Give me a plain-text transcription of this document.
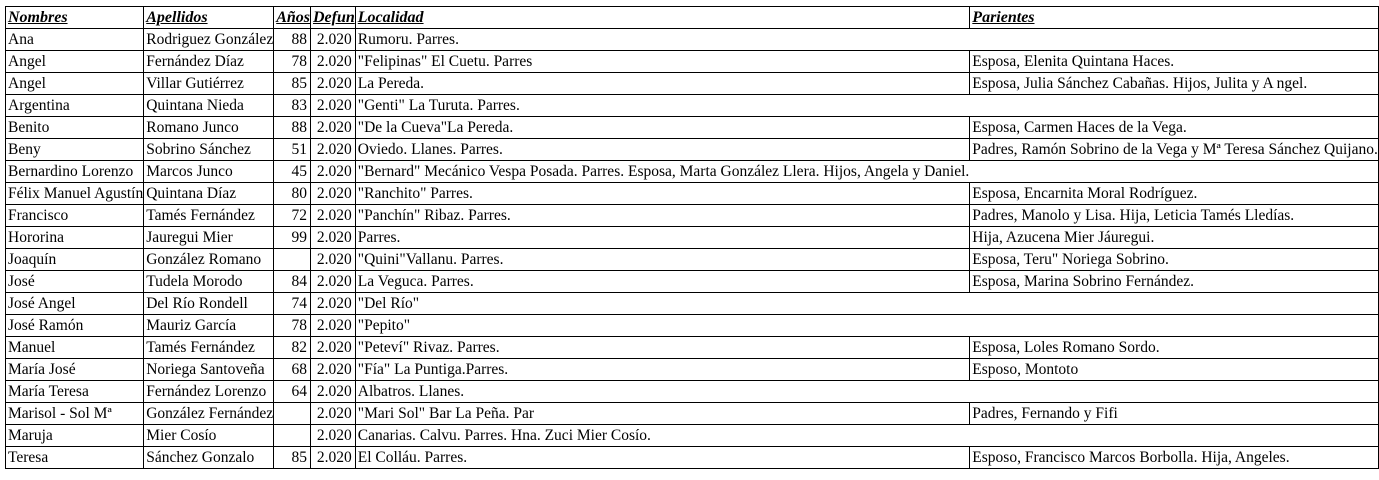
Nombres	Apellidos	Años	Defun	Localidad	Parientes
Ana	Rodriguez González	88	2.020	Rumoru. Parres.	
Angel	Fernández Díaz	78	2.020	"Felipinas" El Cuetu. Parres	Esposa, Elenita Quintana Haces.
Angel	Villar Gutiérrez	85	2.020	La Pereda.	Esposa, Julia Sánchez Cabañas. Hijos, Julita y A ngel.
Argentina	Quintana Nieda	83	2.020	"Genti" La Turuta. Parres.	
Benito	Romano Junco	88	2.020	"De la Cueva"La Pereda.	Esposa, Carmen Haces de la Vega.
Beny	Sobrino Sánchez	51	2.020	Oviedo. Llanes. Parres.	Padres, Ramón Sobrino de la Vega y Mª Teresa Sánchez Quijano.
Bernardino Lorenzo	Marcos Junco	45	2.020	"Bernard" Mecánico Vespa Posada. Parres. Esposa, Marta González Llera. Hijos, Angela y Daniel.	
Félix Manuel Agustín	Quintana Díaz	80	2.020	"Ranchito" Parres.	Esposa, Encarnita Moral Rodríguez.
Francisco	Tamés Fernández	72	2.020	"Panchín" Ribaz. Parres.	Padres, Manolo y Lisa. Hija, Leticia Tamés Lledías.
Hororina	Jauregui Mier	99	2.020	Parres.	Hija, Azucena Mier Jáuregui.
Joaquín	González Romano		2.020	"Quini"Vallanu. Parres.	Esposa, Teru" Noriega Sobrino.
José	Tudela Morodo	84	2.020	La Veguca. Parres.	Esposa, Marina Sobrino Fernández.
José Angel	Del Río Rondell	74	2.020	"Del Río"	
José Ramón	Mauriz García	78	2.020	"Pepito"	
Manuel	Tamés Fernández	82	2.020	"Peteví" Rivaz. Parres.	Esposa, Loles Romano Sordo.
María José	Noriega Santoveña	68	2.020	"Fía" La Puntiga.Parres.	Esposo, Montoto
María Teresa	Fernández Lorenzo	64	2.020	Albatros. Llanes.	
Marisol - Sol Mª	González Fernández		2.020	"Mari Sol" Bar La Peña. Par	Padres, Fernando y Fifi
Maruja	Mier Cosío		2.020	Canarias. Calvu. Parres. Hna. Zuci Mier Cosío.	
Teresa	Sánchez Gonzalo	85	2.020	El Colláu. Parres.	Esposo, Francisco Marcos Borbolla. Hija, Angeles.
